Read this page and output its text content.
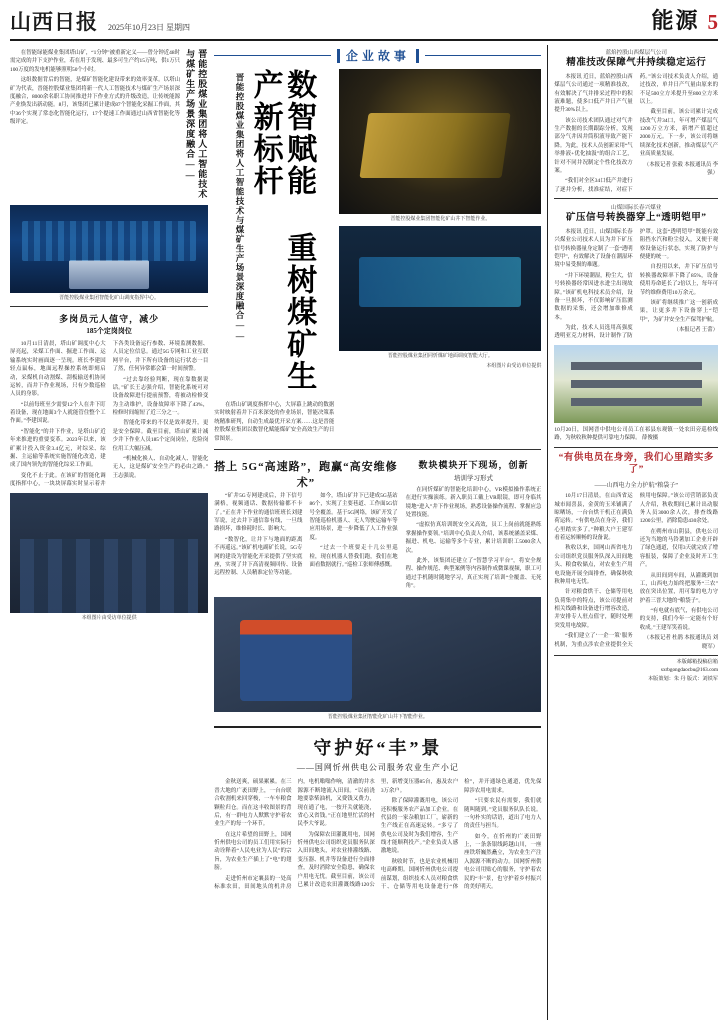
山西日报 2025年10月23日 星期四	能源 5

在智能绿能煤业集团塔山矿，“1分钟”被重新定义——曾分钟近48时需完成的井下支护作业，若在用于发现、最多可生产约15万吨，供1万只100万度的发电机能够照明50个小时。

这组数据背后的智能，是煤矿智能化建设带来的效率变革。以塔山矿为代表，晋能控股煤业集团将新一代人工智能技术与煤矿生产场景深度融合，8000余名职工协同推进井下作业方式的升级改造，让传统能源产业焕发出新动能。8月，该集团已累计建成87个智能化采掘工作面，其中36个实现了常态化智能化运行，17个提速工作面通过山西省智能化等级评定。	晋能控股煤业集团将人工智能技术与煤矿生产场景深度融合——
晋能控股煤业集团智能化矿山调度指挥中心。
多岗员元人值守，减少
185个定岗岗位

10月11日清晨，塔山矿调度中心大屏亮起，采煤工作面、掘进工作面、运输系统实时画面逐一呈现。班长李建国轻点鼠标，地面远程操控系统即刻启动，采煤机自动割煤、刮板输送机协同运转，而井下作业现场，只有少数巡检人员的身影。

“以前每班至少需要12个人在井下盯着设备，现在地面3个人就能管住整个工作面。”李建国说。

“智能化”的井下作业，是塔山矿近年来推进的重要变革。2023年以来，该矿累计投入资金3.4亿元，对综采、综掘、主运输等系统实施智能化改造，建成了国内领先的智能化综采工作面。

变化不止于此。在该矿的智能化调度指挥中心，一块块屏幕实时显示着井下各类设备运行参数、环境监测数据、人员定位信息。通过5G专网和工业互联网平台，井下所有设备的运行状态一目了然，任何异常都会第一时间预警。

“过去靠经验判断，现在靠数据说话。”矿长王志强介绍，智能化系统可对设备故障进行提前预警，将被动检修变为主动维护，设备故障率下降了43%，检修时间缩短了近三分之一。

智能化带来的不仅是效率提升，更是安全保障。截至目前，塔山矿累计减少井下作业人员185个定岗岗位，危险岗位用工大幅压减。

“机械化换人、自动化减人、智能化无人，这是煤矿安全生产的必由之路。”王志强说。

本组图片由受访单位提供
企业故事
数智赋能 重树煤矿生产新标杆
晋能控股煤业集团将人工智能技术与煤矿生产场景深度融合——	晋能控股煤业集团智能化矿山井下智能作业。
晋能控股煤业集团同忻煤矿地面调度智能大厅。
本组图片由受访单位提供

在塔山矿调度指挥中心，大屏幕上跳动的数据实时映射着井下百米深处的作业场景，智能决策系统精准研判，自动生成最优开采方案……这是晋能控股煤业集团以数智化赋能煤矿安全高效生产的日常图景。

搭上 5G“高速路”，跑赢“高安维修术”

“矿井5G专网建成后，井下信号满格，视频通话、数据传输都不卡了。”正在井下作业的通信班班长刘建军说，过去井下通信靠有线，一旦线路损坏，维修耗时长、影响大。

“数智化，让井下与地面的距离不再遥远。”该矿机电副矿长说，5G专网的建设为智能化开采提供了坚实底座，实现了井下高清视频回传、设备远程控制、人员精准定位等功能。

如今，塔山矿井下已建成5G基站86个，实现了主要巷道、工作面5G信号全覆盖。基于5G网络，该矿开发了智能巡检机器人、无人驾驶运输车等应用场景，进一步降低了人工作业强度。

“过去一个班要走十几公里巡检，现在机器人替我们跑，我们在地面看数据就行。”巡检工张师傅感慨。

数块模块开下现场，创新
培训学习形式

在同忻煤矿的智能化培训中心，VR模拟操作系统正在进行实操演练。新入职员工戴上VR眼镜，即可身临其境地“进入”井下作业现场，熟悉设备操作流程、掌握应急处置技能。

“虚拟仿真培训既安全又高效，员工上岗前就能熟练掌握操作要领。”培训中心负责人介绍，该系统涵盖采煤、掘进、机电、运输等多个专业，累计培训职工5000余人次。

此外，该集团还建立了“智慧学习平台”，将安全规程、操作规范、典型案例等内容制作成微课视频，职工可通过手机随时随地学习，真正实现了培训“全覆盖、无死角”。

晋能控股煤业集团智能化矿山井下智能作业。
守护好“丰”景
——国网忻州供电公司服务农业生产小记

金秋送爽，硕果累累。在三晋大地的广袤田野上，一台台联合收割机来回穿梭，一车车粮食颗粒归仓。而在这丰收图景的背后，有一群电力人默默守护着农业生产的每一个环节。

在这片希望的田野上，国网忻州供电公司的员工们用实际行动诠释着“人民电业为人民”的宗旨，为农业生产插上了“电”的翅膀。

走进忻州市定襄县的一处高标准农田，田间地头的机井房内，电机嗡嗡作响，清澈的井水源源不断地流入田间。“以前浇地要靠柴油机，又费钱又费力，现在通了电，一按开关就能浇，省心又省钱。”正在地里忙活的村民李大爷说。

为保障农田灌溉用电，国网忻州供电公司组织党员服务队深入田间地头，对农业排灌线路、变压器、机井等设备进行全面排查，及时消除安全隐患，确保农户用电无忧。截至目前，该公司已累计改造农田灌溉线路120公里，新增变压器85台，惠及农户3万余户。

除了保障灌溉用电，该公司还积极服务农产品加工企业。在代县的一家杂粮加工厂，崭新的生产线正在高速运转。“多亏了供电公司及时为我们增容，生产线才能顺利投产。”企业负责人感激地说。

秋收时节，也是农业机械用电高峰期。国网忻州供电公司提前谋划，组织技术人员对粮食烘干、仓储等用电设备进行“体检”，并开通绿色通道，优先保障涉农用电需求。

“只要农民有需要，我们就随叫随到。”党员服务队队长说。一句朴实的话语，道出了电力人的责任与担当。

如今，在忻州的广袤田野上，一条条银线跨越山川，一座座铁塔巍然矗立，为农业生产注入源源不断的动力。国网忻州供电公司用贴心的服务，守护着农民的“丰”景，也守护着乡村振兴的美好明天。

蓝焰控股山西煤层气公司
精准技改保障气井持续稳定运行

本报讯 近日，蓝焰控股山西煤层气公司通过一项精准技改，有效解决了气井排采过程中的积液难题，使多口低产井日产气量提升30%以上。

该公司技术团队通过对气井生产数据的长期跟踪分析，发现部分气井因井筒积液导致产能下降。为此，技术人员创新采用“气举排液+优化抽汲”的组合工艺，针对不同井况制定个性化技改方案。

“我们对全区34口低产井进行了逐井分析，找准症结，对症下药。”该公司技术负责人介绍，通过技改，单井日产气量由原来的不足500立方米提升至800立方米以上。

截至目前，该公司累计完成技改气井34口，年可增产煤层气1200万立方米，新增产值超过2000万元。下一步，该公司将继续深化技术创新，推动煤层气产业高质量发展。

（本报记者 张毅 本报通讯员 李强）

山煤国际长春兴煤业
矿压信号转换器穿上“透明铠甲”

本报讯 近日，山煤国际长春兴煤业公司技术人员为井下矿压信号转换器量身定制了一套“透明铠甲”，有效解决了设备在潮湿环境中易受损的难题。

“井下环境潮湿，粉尘大，信号转换器经常因进水进尘出现故障。”该矿机电科技术员介绍，设备一旦损坏，不仅影响矿压监测数据的采集，还会增加维修成本。

为此，技术人员选用高强度透明亚克力材料，设计制作了防护罩。这套“透明铠甲”既能有效阻挡水汽和粉尘侵入，又便于观察设备运行状态，实现了防护与便捷的统一。

自投用以来，井下矿压信号转换器故障率下降了85%，设备使用寿命延长了2倍以上，每年可节约维修费用10万余元。

该矿将继续推广这一创新成果，让更多井下设备穿上“铠甲”，为矿井安全生产保驾护航。

（本报记者 王蕾）

10月20日，国网晋中供电公司员工在祁县东观镇一处农田旁巡检线路，为秋收秋种提供可靠电力保障。 薛俊摄

“有供电员在身旁，我们心里踏实多了”
——山西电力全力护航“粮袋子”

10月17日清晨，在山西省运城市闻喜县，金黄的玉米铺满了晾晒场，一台台烘干机正在满负荷运转。“有供电员在身旁，我们心里踏实多了。”种粮大户王建军看着运转顺畅的设备说。

秋收以来，国网山西省电力公司组织党员服务队深入田间地头、粮食收储点，对农业生产用电设施开展全面排查，确保秋收秋种用电无忧。

针对粮食烘干、仓储等用电负荷集中的特点，该公司提前对相关线路和设备进行增容改造，并安排专人驻点值守，随时处理突发用电故障。

“我们建立了‘一企一策’服务机制，为重点涉农企业提供全天候用电保障。”该公司营销部负责人介绍，秋收期间已累计出动服务人员3000余人次，排查线路1200公里，消除隐患430余处。

在朔州市山阴县，供电公司还为当地的马铃薯加工企业开辟了绿色通道，仅用3天就完成了增容报装，保障了企业及时开工生产。

从田间到车间，从灌溉到加工，山西电力始终把服务“三农”放在突出位置，用可靠的电力守护着三晋大地的“粮袋子”。

“有电就有底气，有供电公司的支持，我们今年一定能有个好收成。”王建军笑着说。

（本报记者 杜鹃 本报通讯员 刘晓军）

本版邮箱投稿信箱
sxrbgongdaocbu@163.com
本版策划：朱 丹 版式：刘铁军
